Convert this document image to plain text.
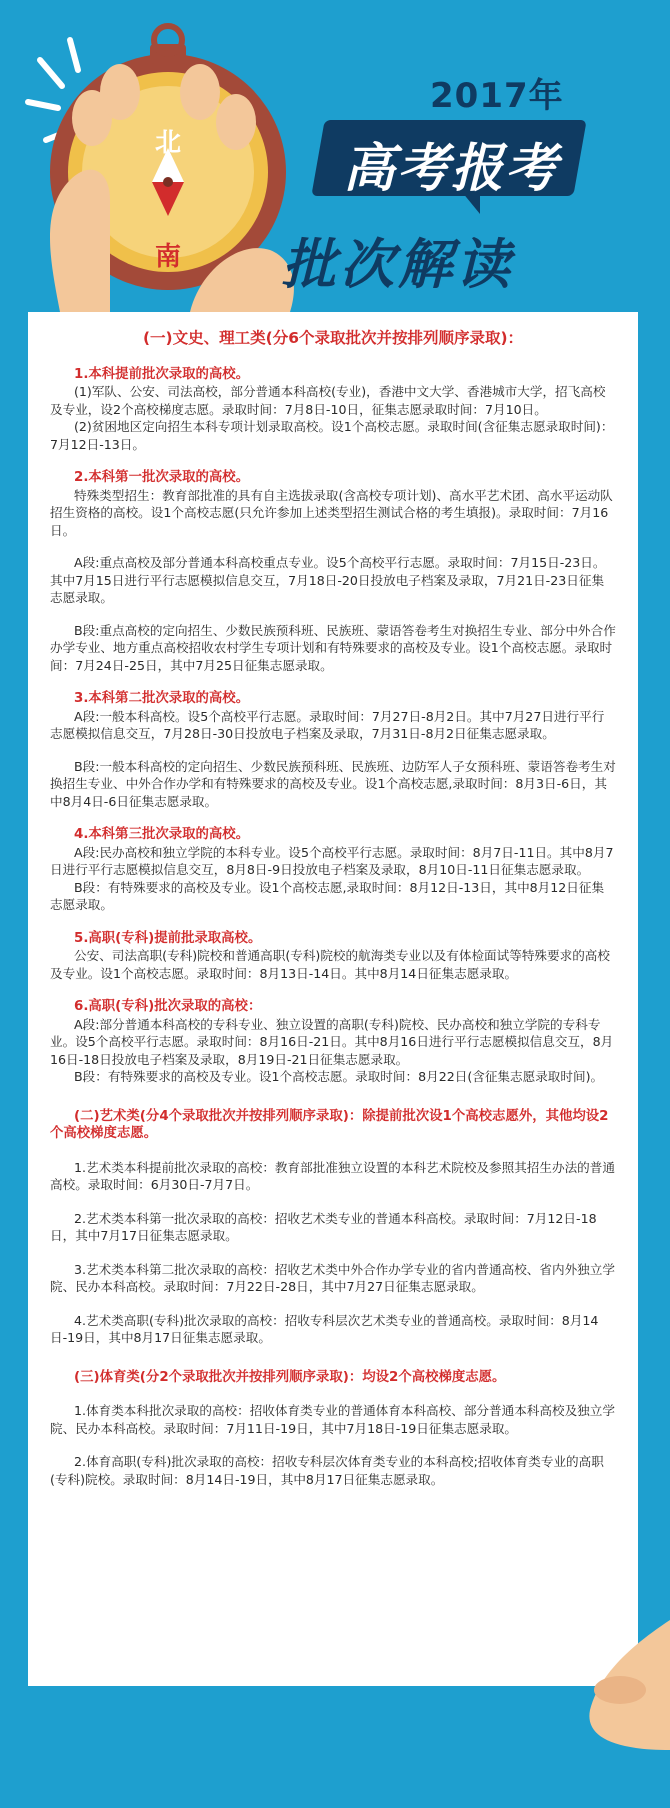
北
南
2017年
高考报考
批次解读
(一)文史、理工类(分6个录取批次并按排列顺序录取)：
1.本科提前批次录取的高校。

(1)军队、公安、司法高校，部分普通本科高校(专业)，香港中文大学、香港城市大学，招飞高校及专业，设2个高校梯度志愿。录取时间：7月8日-10日，征集志愿录取时间：7月10日。

(2)贫困地区定向招生本科专项计划录取高校。设1个高校志愿。录取时间(含征集志愿录取时间)：7月12日-13日。

2.本科第一批次录取的高校。

特殊类型招生：教育部批准的具有自主选拔录取(含高校专项计划)、高水平艺术团、高水平运动队招生资格的高校。设1个高校志愿(只允许参加上述类型招生测试合格的考生填报)。录取时间：7月16日。

A段:重点高校及部分普通本科高校重点专业。设5个高校平行志愿。录取时间：7月15日-23日。其中7月15日进行平行志愿模拟信息交互，7月18日-20日投放电子档案及录取，7月21日-23日征集志愿录取。

B段:重点高校的定向招生、少数民族预科班、民族班、蒙语答卷考生对换招生专业、部分中外合作办学专业、地方重点高校招收农村学生专项计划和有特殊要求的高校及专业。设1个高校志愿。录取时间：7月24日-25日，其中7月25日征集志愿录取。

3.本科第二批次录取的高校。

A段:一般本科高校。设5个高校平行志愿。录取时间：7月27日-8月2日。其中7月27日进行平行志愿模拟信息交互，7月28日-30日投放电子档案及录取，7月31日-8月2日征集志愿录取。

B段:一般本科高校的定向招生、少数民族预科班、民族班、边防军人子女预科班、蒙语答卷考生对换招生专业、中外合作办学和有特殊要求的高校及专业。设1个高校志愿,录取时间：8月3日-6日，其中8月4日-6日征集志愿录取。

4.本科第三批次录取的高校。

A段:民办高校和独立学院的本科专业。设5个高校平行志愿。录取时间：8月7日-11日。其中8月7日进行平行志愿模拟信息交互，8月8日-9日投放电子档案及录取，8月10日-11日征集志愿录取。

B段：有特殊要求的高校及专业。设1个高校志愿,录取时间：8月12日-13日，其中8月12日征集志愿录取。

5.高职(专科)提前批录取高校。

公安、司法高职(专科)院校和普通高职(专科)院校的航海类专业以及有体检面试等特殊要求的高校及专业。设1个高校志愿。录取时间：8月13日-14日。其中8月14日征集志愿录取。

6.高职(专科)批次录取的高校：

A段:部分普通本科高校的专科专业、独立设置的高职(专科)院校、民办高校和独立学院的专科专业。设5个高校平行志愿。录取时间：8月16日-21日。其中8月16日进行平行志愿模拟信息交互，8月16日-18日投放电子档案及录取，8月19日-21日征集志愿录取。

B段：有特殊要求的高校及专业。设1个高校志愿。录取时间：8月22日(含征集志愿录取时间)。

(二)艺术类(分4个录取批次并按排列顺序录取)：除提前批次设1个高校志愿外，其他均设2个高校梯度志愿。

1.艺术类本科提前批次录取的高校：教育部批准独立设置的本科艺术院校及参照其招生办法的普通高校。录取时间：6月30日-7月7日。

2.艺术类本科第一批次录取的高校：招收艺术类专业的普通本科高校。录取时间：7月12日-18日，其中7月17日征集志愿录取。

3.艺术类本科第二批次录取的高校：招收艺术类中外合作办学专业的省内普通高校、省内外独立学院、民办本科高校。录取时间：7月22日-28日，其中7月27日征集志愿录取。

4.艺术类高职(专科)批次录取的高校：招收专科层次艺术类专业的普通高校。录取时间：8月14日-19日，其中8月17日征集志愿录取。

(三)体育类(分2个录取批次并按排列顺序录取)：均设2个高校梯度志愿。

1.体育类本科批次录取的高校：招收体育类专业的普通体育本科高校、部分普通本科高校及独立学院、民办本科高校。录取时间：7月11日-19日，其中7月18日-19日征集志愿录取。

2.体育高职(专科)批次录取的高校：招收专科层次体育类专业的本科高校;招收体育类专业的高职(专科)院校。录取时间：8月14日-19日，其中8月17日征集志愿录取。
